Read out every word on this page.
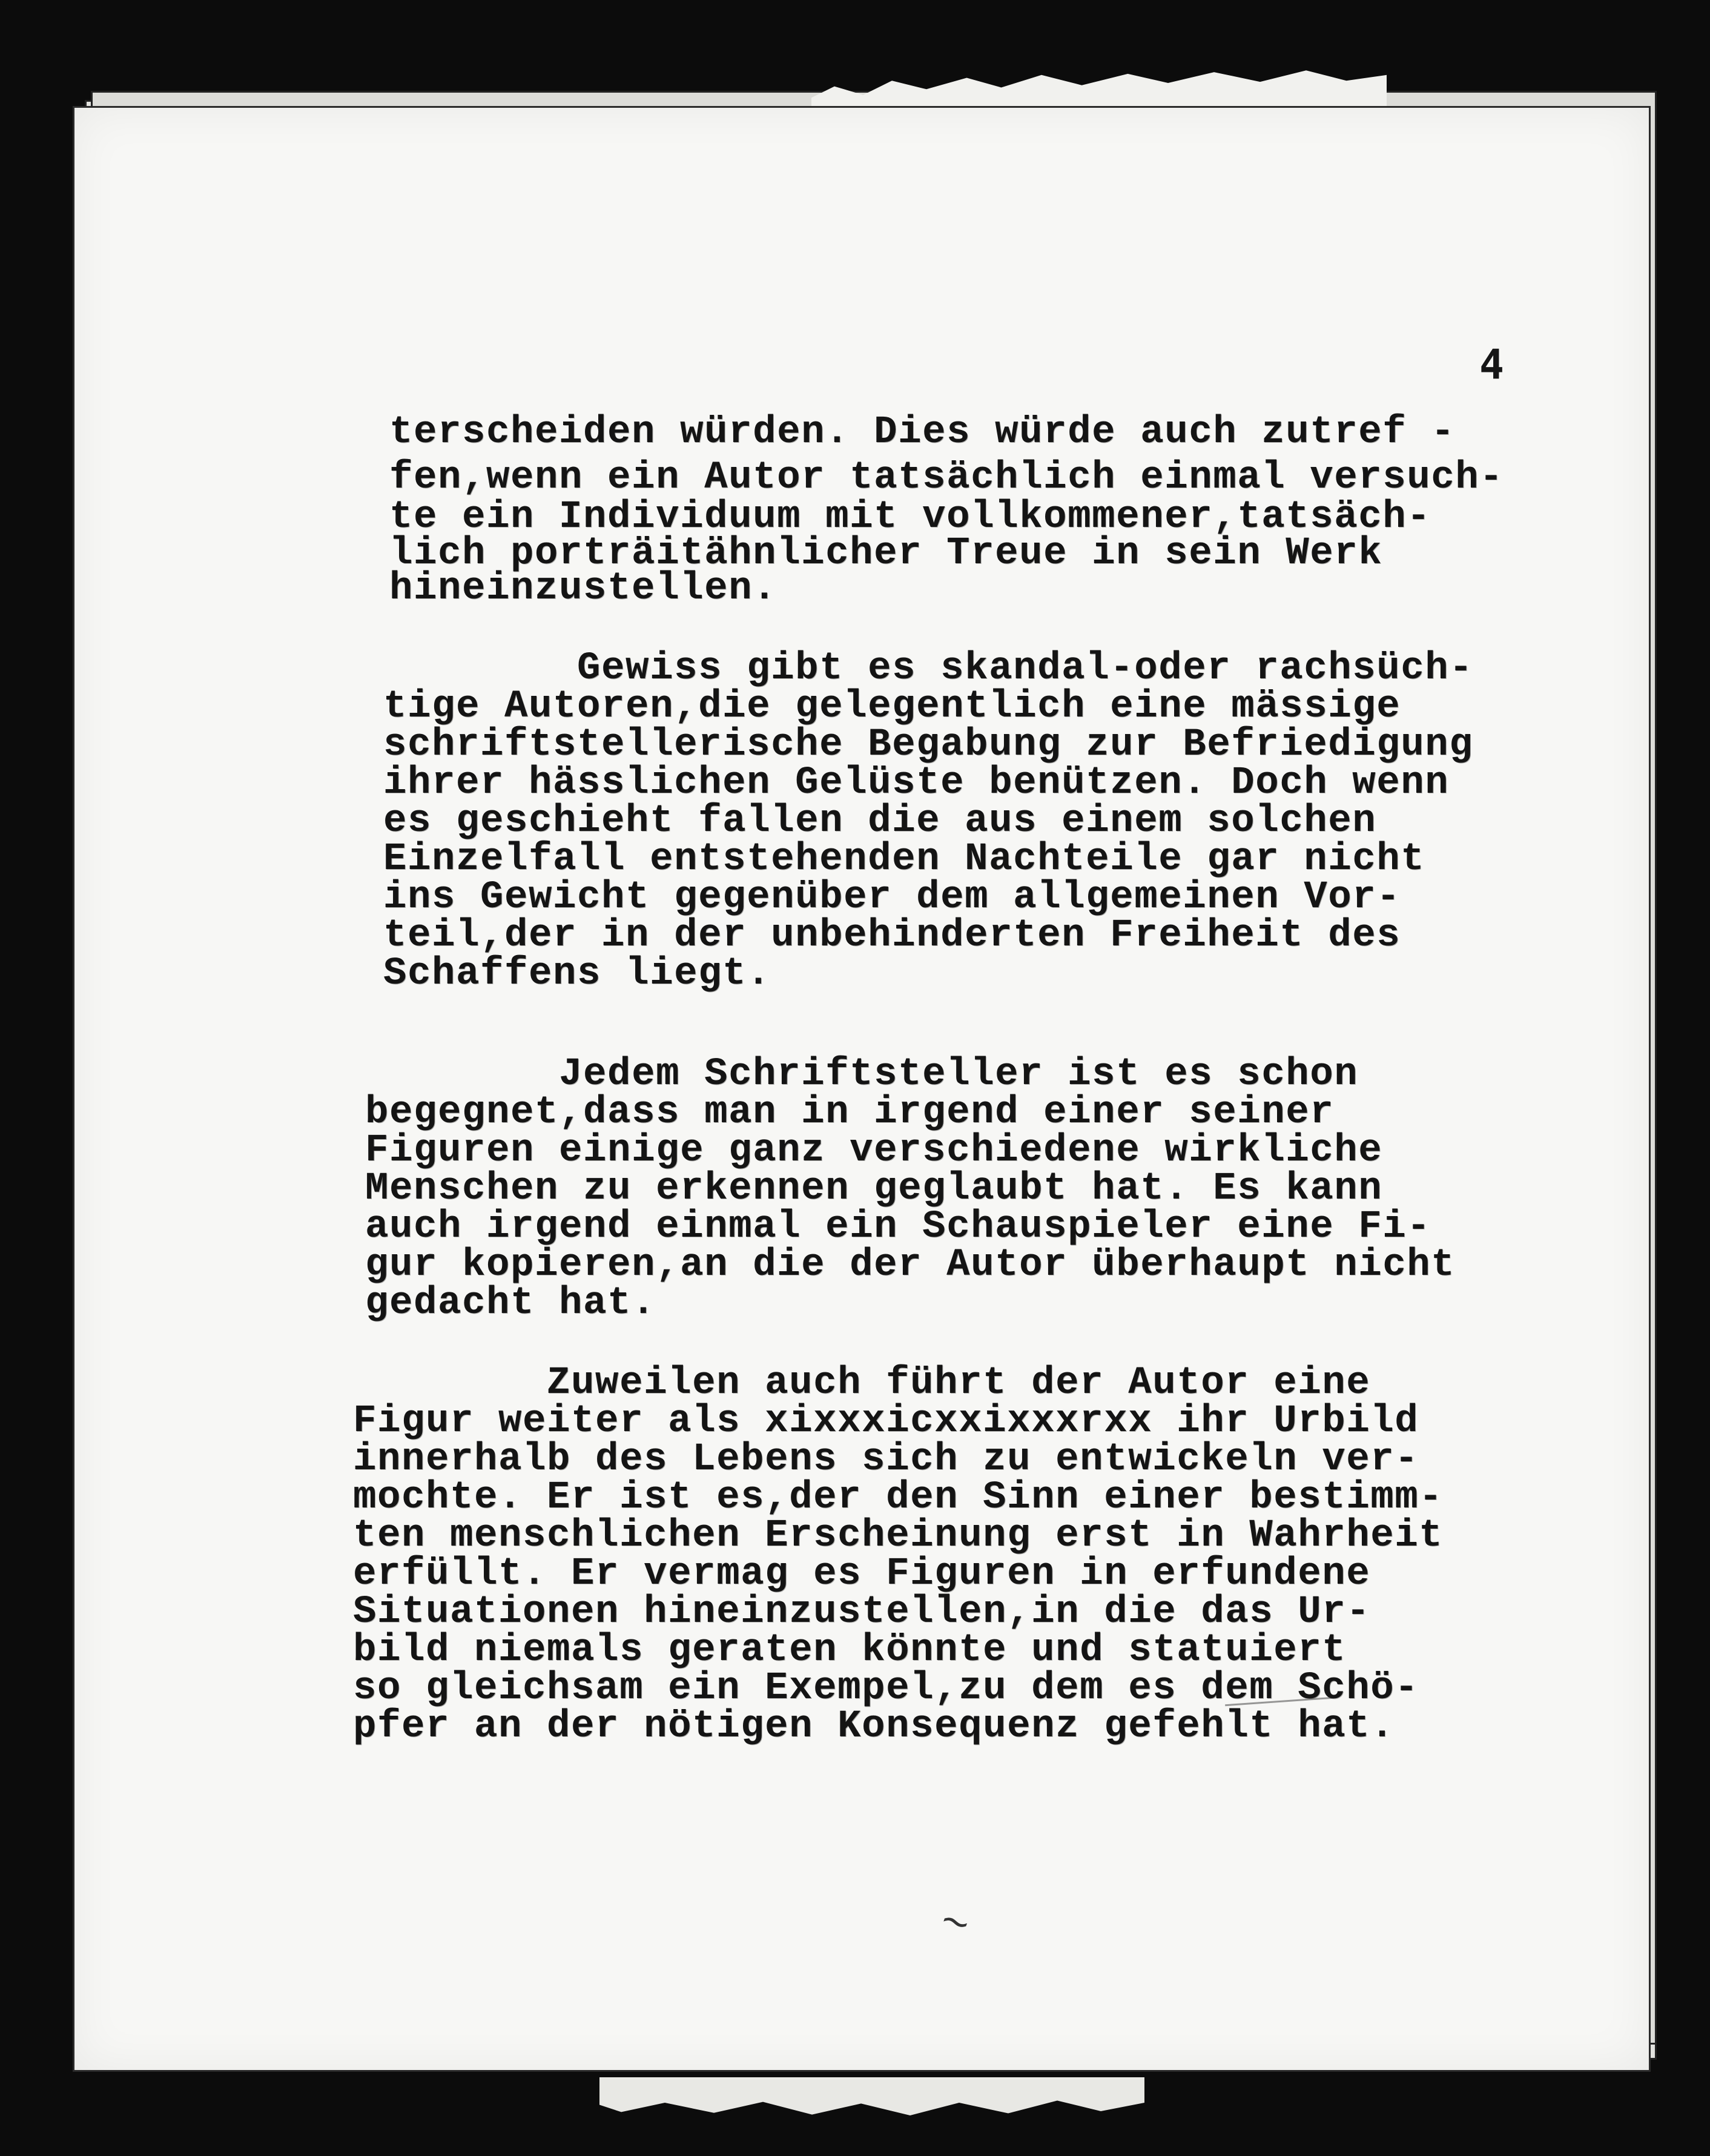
4
~

terscheiden würden. Dies würde auch zutref -

fen,wenn ein Autor tatsächlich einmal versuch-

te ein Individuum mit vollkommener,tatsäch-

lich porträitähnlicher Treue in sein Werk

hineinzustellen.

Gewiss gibt es skandal-oder rachsüch-

tige Autoren,die gelegentlich eine mässige

schriftstellerische Begabung zur Befriedigung

ihrer hässlichen Gelüste benützen. Doch wenn

es geschieht fallen die aus einem solchen

Einzelfall entstehenden Nachteile gar nicht

ins Gewicht gegenüber dem allgemeinen Vor-

teil,der in der unbehinderten Freiheit des

Schaffens liegt.

Jedem Schriftsteller ist es schon

begegnet,dass man in irgend einer seiner

Figuren einige ganz verschiedene wirkliche

Menschen zu erkennen geglaubt hat. Es kann

auch irgend einmal ein Schauspieler eine Fi-

gur kopieren,an die der Autor überhaupt nicht

gedacht hat.

Zuweilen auch führt der Autor eine

Figur weiter als xixxxicxxixxxrxx ihr Urbild

innerhalb des Lebens sich zu entwickeln ver-

mochte. Er ist es,der den Sinn einer bestimm-

ten menschlichen Erscheinung erst in Wahrheit

erfüllt. Er vermag es Figuren in erfundene

Situationen hineinzustellen,in die das Ur-

bild niemals geraten könnte und statuiert

so gleichsam ein Exempel,zu dem es dem Schö-

pfer an der nötigen Konsequenz gefehlt hat.
